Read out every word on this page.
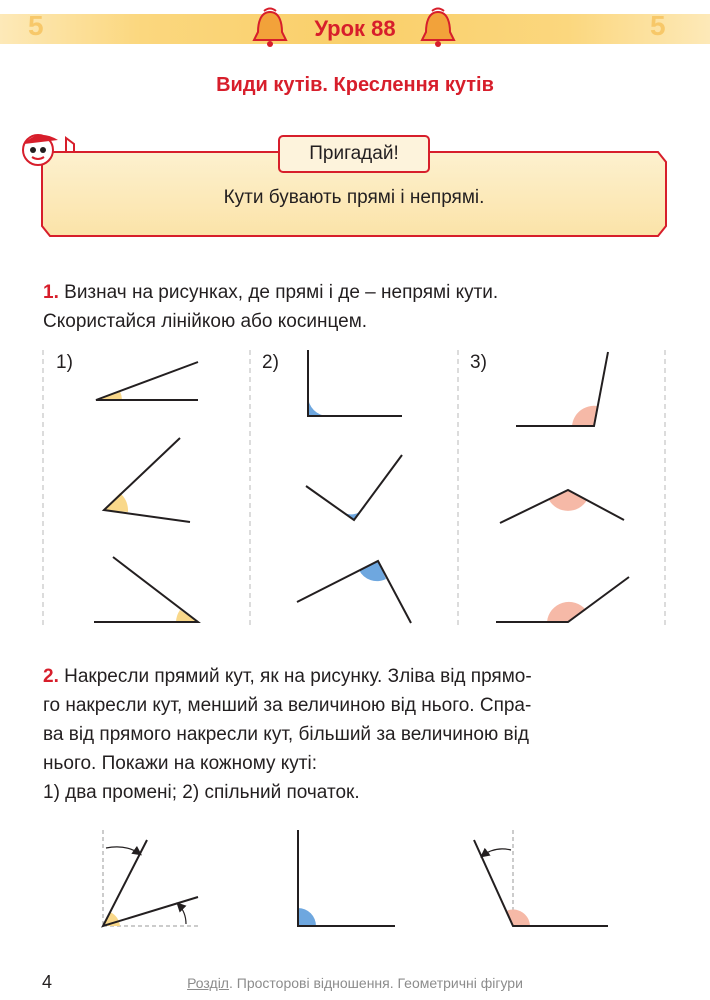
5	5
Урок 88
Види кутів. Креслення кутів
Пригадай!
Кути бувають прямі і непрямі.
1. Визнач на рисунках, де прямі і де – непрямі кути.
Скористайся лінійкою або косинцем.
1)	2)	3)
2. Накресли прямий кут, як на рисунку. Зліва від прямо-
го накресли кут, менший за величиною від нього. Спра-
ва від прямого накресли кут, більший за величиною від
нього. Покажи на кожному куті:
1) два промені; 2) спільний початок.
4	Розділ. Просторові відношення. Геометричні фігури
